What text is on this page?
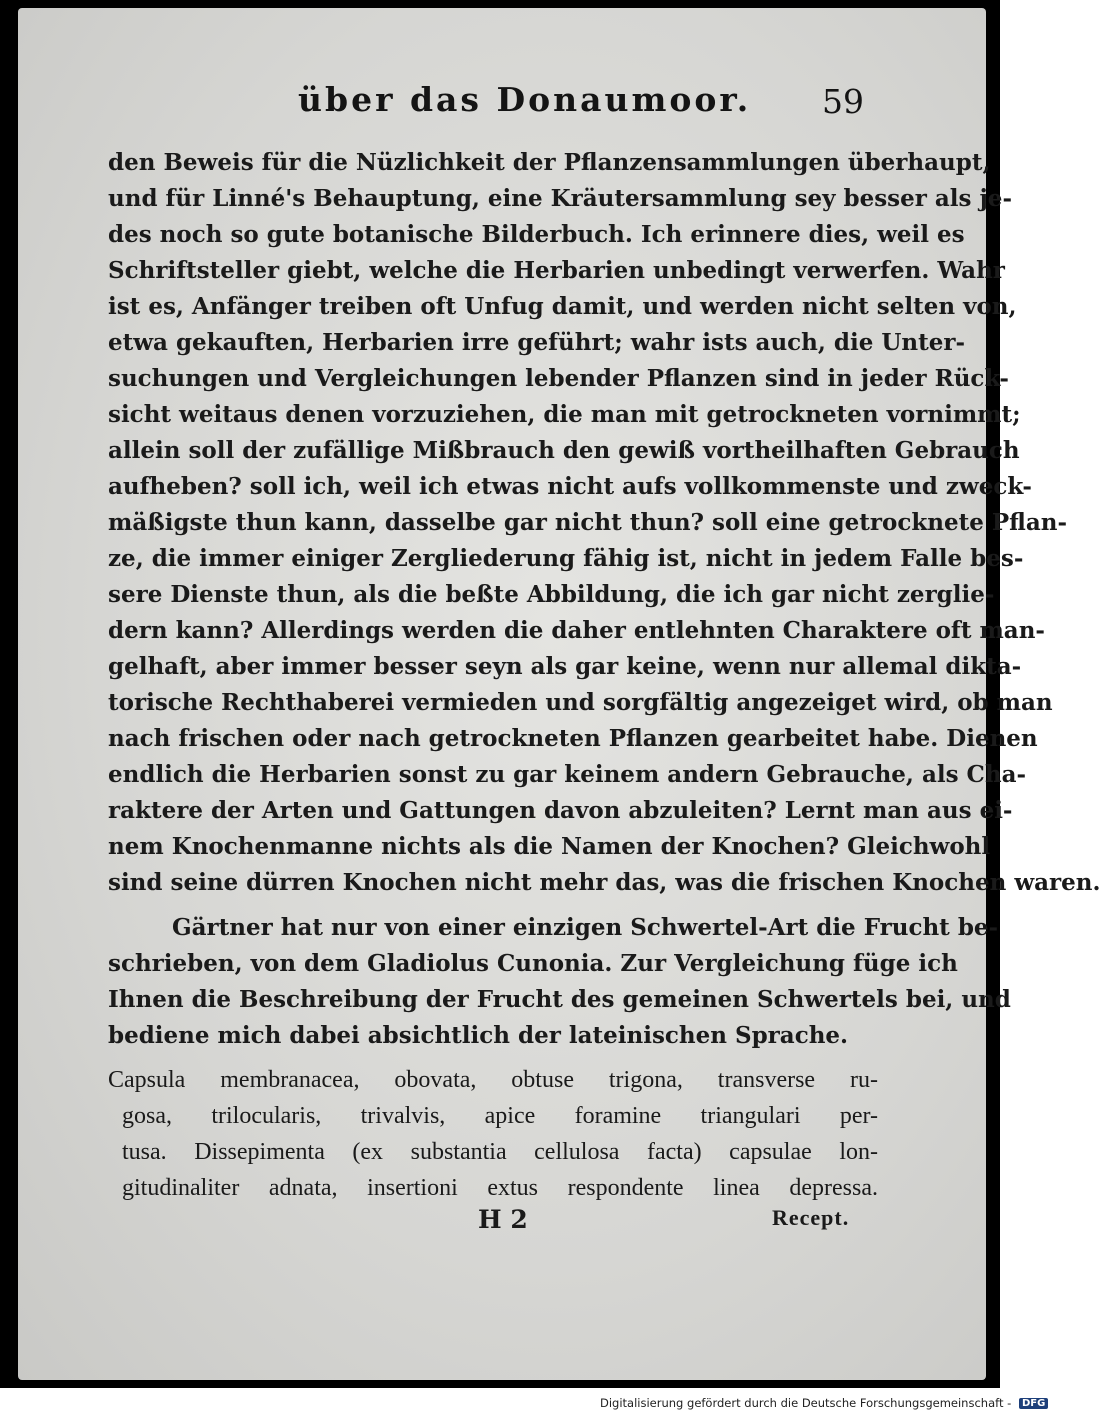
über das Donaumoor. 59
den Beweis für die Nüzlichkeit der Pflanzensammlungen überhaupt,
und für Linné's Behauptung, eine Kräutersammlung sey besser als je-
des noch so gute botanische Bilderbuch. Ich erinnere dies, weil es
Schriftsteller giebt, welche die Herbarien unbedingt verwerfen. Wahr
ist es, Anfänger treiben oft Unfug damit, und werden nicht selten von,
etwa gekauften, Herbarien irre geführt; wahr ists auch, die Unter-
suchungen und Vergleichungen lebender Pflanzen sind in jeder Rück-
sicht weitaus denen vorzuziehen, die man mit getrockneten vornimmt;
allein soll der zufällige Mißbrauch den gewiß vortheilhaften Gebrauch
aufheben? soll ich, weil ich etwas nicht aufs vollkommenste und zweck-
mäßigste thun kann, dasselbe gar nicht thun? soll eine getrocknete Pflan-
ze, die immer einiger Zergliederung fähig ist, nicht in jedem Falle bes-
sere Dienste thun, als die beßte Abbildung, die ich gar nicht zerglie-
dern kann? Allerdings werden die daher entlehnten Charaktere oft man-
gelhaft, aber immer besser seyn als gar keine, wenn nur allemal dikta-
torische Rechthaberei vermieden und sorgfältig angezeiget wird, ob man
nach frischen oder nach getrockneten Pflanzen gearbeitet habe. Dienen
endlich die Herbarien sonst zu gar keinem andern Gebrauche, als Cha-
raktere der Arten und Gattungen davon abzuleiten? Lernt man aus ei-
nem Knochenmanne nichts als die Namen der Knochen? Gleichwohl
sind seine dürren Knochen nicht mehr das, was die frischen Knochen waren.
Gärtner hat nur von einer einzigen Schwertel-Art die Frucht be-
schrieben, von dem Gladiolus Cunonia. Zur Vergleichung füge ich
Ihnen die Beschreibung der Frucht des gemeinen Schwertels bei, und
bediene mich dabei absichtlich der lateinischen Sprache.
Capsula membranacea, obovata, obtuse trigona, transverse ru-
gosa, trilocularis, trivalvis, apice foramine triangulari per-
tusa. Dissepimenta (ex substantia cellulosa facta) capsulae lon-
gitudinaliter adnata, insertioni extus respondente linea depressa.
H 2	Recept.
Digitalisierung gefördert durch die Deutsche Forschungsgemeinschaft - DFG
